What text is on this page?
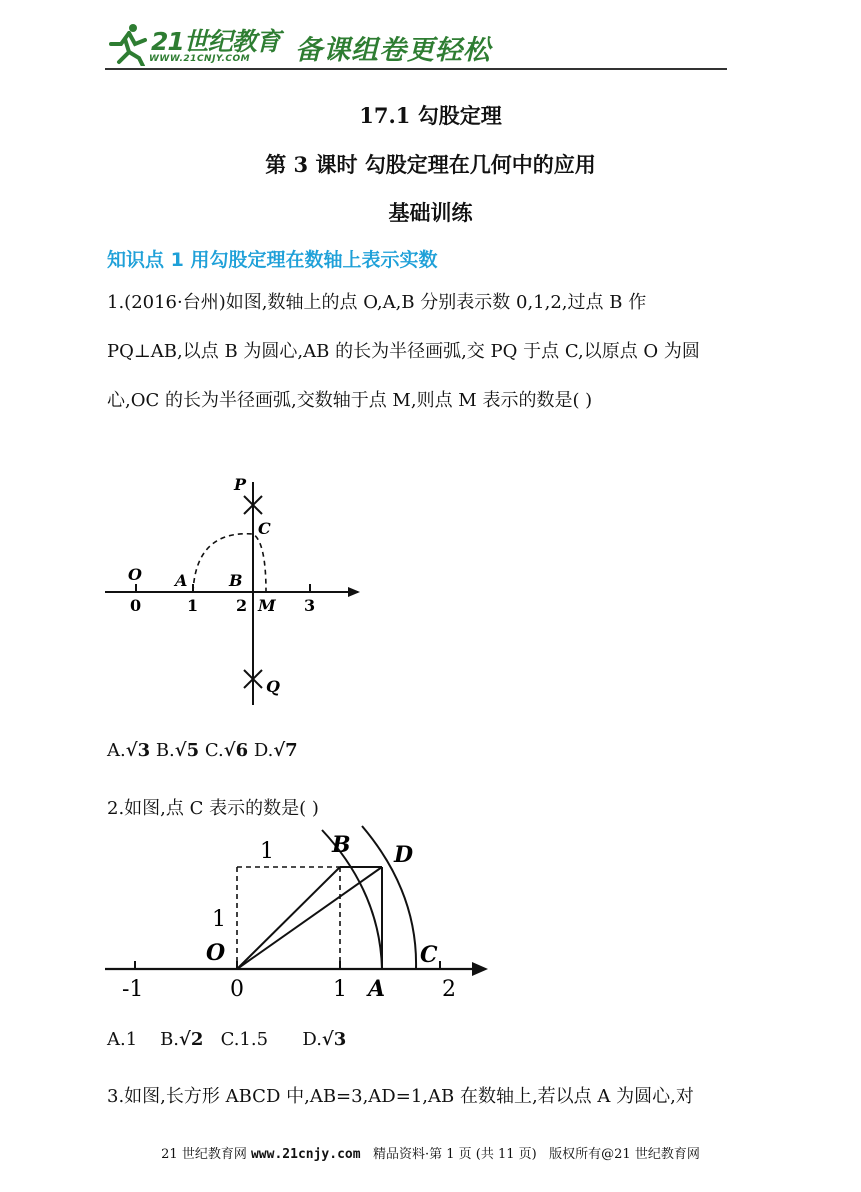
21世纪教育
WWW.21CNJY.COM 备课组卷更轻松
17.1 勾股定理
第 3 课时 勾股定理在几何中的应用
基础训练
知识点 1 用勾股定理在数轴上表示实数
1.(2016·台州)如图,数轴上的点 O,A,B 分别表示数 0,1,2,过点 B 作
PQ⊥AB,以点 B 为圆心,AB 的长为半径画弧,交 PQ 于点 C,以原点 O 为圆
心,OC 的长为半径画弧,交数轴于点 M,则点 M 表示的数是( )
P
C
O A	B
M
Q
0	1 2	3
A.√3 B.√5 C.√6 D.√7
2.如图,点 C 表示的数是( )
1
1
B D
O
A
C
-1	0	1	2
A.1 B.√2 C.1.5 D.√3
3.如图,长方形 ABCD 中,AB=3,AD=1,AB 在数轴上,若以点 A 为圆心,对
21 世纪教育网 www.21cnjy.com 精品资料·第 1 页 (共 11 页) 版权所有@21 世纪教育网
